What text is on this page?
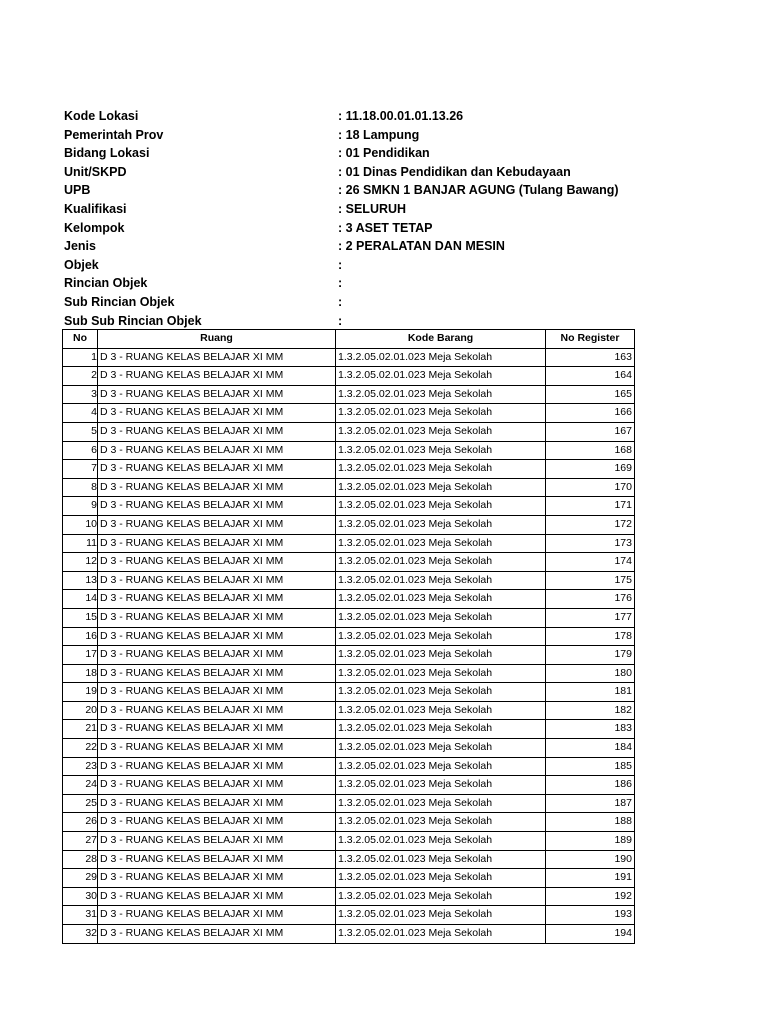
Kode Lokasi	: 11.18.00.01.01.13.26
Pemerintah Prov	: 18 Lampung
Bidang Lokasi	: 01 Pendidikan
Unit/SKPD	: 01 Dinas Pendidikan dan Kebudayaan
UPB	: 26 SMKN 1 BANJAR AGUNG (Tulang Bawang)
Kualifikasi	: SELURUH
Kelompok	: 3 ASET TETAP
Jenis	: 2 PERALATAN DAN MESIN
Objek	:
Rincian Objek	:
Sub Rincian Objek	:
Sub Sub Rincian Objek	:
No	Ruang	Kode Barang	No Register
1	D 3 - RUANG KELAS BELAJAR XI MM	1.3.2.05.02.01.023 Meja Sekolah	163
2	D 3 - RUANG KELAS BELAJAR XI MM	1.3.2.05.02.01.023 Meja Sekolah	164
3	D 3 - RUANG KELAS BELAJAR XI MM	1.3.2.05.02.01.023 Meja Sekolah	165
4	D 3 - RUANG KELAS BELAJAR XI MM	1.3.2.05.02.01.023 Meja Sekolah	166
5	D 3 - RUANG KELAS BELAJAR XI MM	1.3.2.05.02.01.023 Meja Sekolah	167
6	D 3 - RUANG KELAS BELAJAR XI MM	1.3.2.05.02.01.023 Meja Sekolah	168
7	D 3 - RUANG KELAS BELAJAR XI MM	1.3.2.05.02.01.023 Meja Sekolah	169
8	D 3 - RUANG KELAS BELAJAR XI MM	1.3.2.05.02.01.023 Meja Sekolah	170
9	D 3 - RUANG KELAS BELAJAR XI MM	1.3.2.05.02.01.023 Meja Sekolah	171
10	D 3 - RUANG KELAS BELAJAR XI MM	1.3.2.05.02.01.023 Meja Sekolah	172
11	D 3 - RUANG KELAS BELAJAR XI MM	1.3.2.05.02.01.023 Meja Sekolah	173
12	D 3 - RUANG KELAS BELAJAR XI MM	1.3.2.05.02.01.023 Meja Sekolah	174
13	D 3 - RUANG KELAS BELAJAR XI MM	1.3.2.05.02.01.023 Meja Sekolah	175
14	D 3 - RUANG KELAS BELAJAR XI MM	1.3.2.05.02.01.023 Meja Sekolah	176
15	D 3 - RUANG KELAS BELAJAR XI MM	1.3.2.05.02.01.023 Meja Sekolah	177
16	D 3 - RUANG KELAS BELAJAR XI MM	1.3.2.05.02.01.023 Meja Sekolah	178
17	D 3 - RUANG KELAS BELAJAR XI MM	1.3.2.05.02.01.023 Meja Sekolah	179
18	D 3 - RUANG KELAS BELAJAR XI MM	1.3.2.05.02.01.023 Meja Sekolah	180
19	D 3 - RUANG KELAS BELAJAR XI MM	1.3.2.05.02.01.023 Meja Sekolah	181
20	D 3 - RUANG KELAS BELAJAR XI MM	1.3.2.05.02.01.023 Meja Sekolah	182
21	D 3 - RUANG KELAS BELAJAR XI MM	1.3.2.05.02.01.023 Meja Sekolah	183
22	D 3 - RUANG KELAS BELAJAR XI MM	1.3.2.05.02.01.023 Meja Sekolah	184
23	D 3 - RUANG KELAS BELAJAR XI MM	1.3.2.05.02.01.023 Meja Sekolah	185
24	D 3 - RUANG KELAS BELAJAR XI MM	1.3.2.05.02.01.023 Meja Sekolah	186
25	D 3 - RUANG KELAS BELAJAR XI MM	1.3.2.05.02.01.023 Meja Sekolah	187
26	D 3 - RUANG KELAS BELAJAR XI MM	1.3.2.05.02.01.023 Meja Sekolah	188
27	D 3 - RUANG KELAS BELAJAR XI MM	1.3.2.05.02.01.023 Meja Sekolah	189
28	D 3 - RUANG KELAS BELAJAR XI MM	1.3.2.05.02.01.023 Meja Sekolah	190
29	D 3 - RUANG KELAS BELAJAR XI MM	1.3.2.05.02.01.023 Meja Sekolah	191
30	D 3 - RUANG KELAS BELAJAR XI MM	1.3.2.05.02.01.023 Meja Sekolah	192
31	D 3 - RUANG KELAS BELAJAR XI MM	1.3.2.05.02.01.023 Meja Sekolah	193
32	D 3 - RUANG KELAS BELAJAR XI MM	1.3.2.05.02.01.023 Meja Sekolah	194
